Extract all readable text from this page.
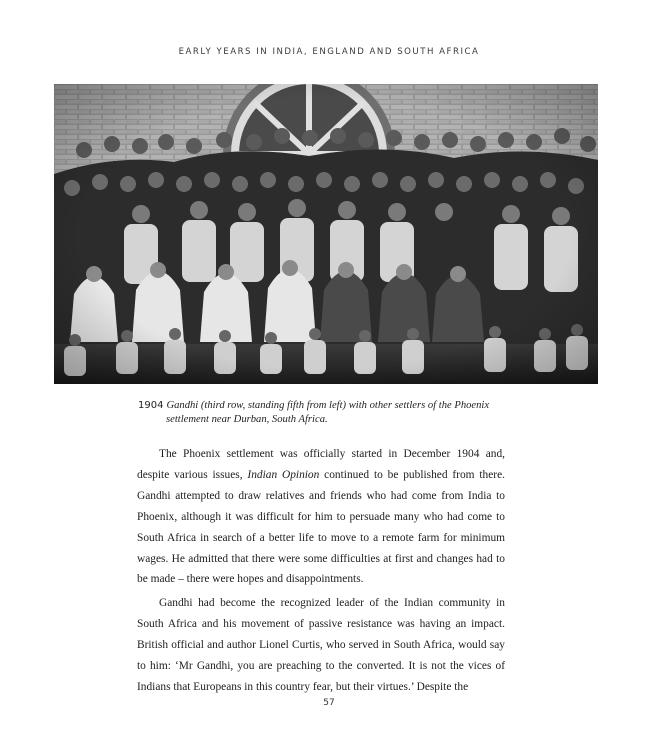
EARLY YEARS IN INDIA, ENGLAND AND SOUTH AFRICA
1904 Gandhi (third row, standing fifth from left) with other settlers of the Phoenix
settlement near Durban, South Africa.

The Phoenix settlement was officially started in December 1904 and, despite various issues, Indian Opinion continued to be published from there. Gandhi attempted to draw relatives and friends who had come from India to Phoenix, although it was difficult for him to persuade many who had come to South Africa in search of a better life to move to a remote farm for minimum wages. He admitted that there were some difficulties at first and changes had to be made – there were hopes and disappointments.

Gandhi had become the recognized leader of the Indian community in South Africa and his movement of passive resistance was having an impact. British official and author Lionel Curtis, who served in South Africa, would say to him: ‘Mr Gandhi, you are preaching to the converted. It is not the vices of Indians that Europeans in this country fear, but their virtues.’ Despite the

57
